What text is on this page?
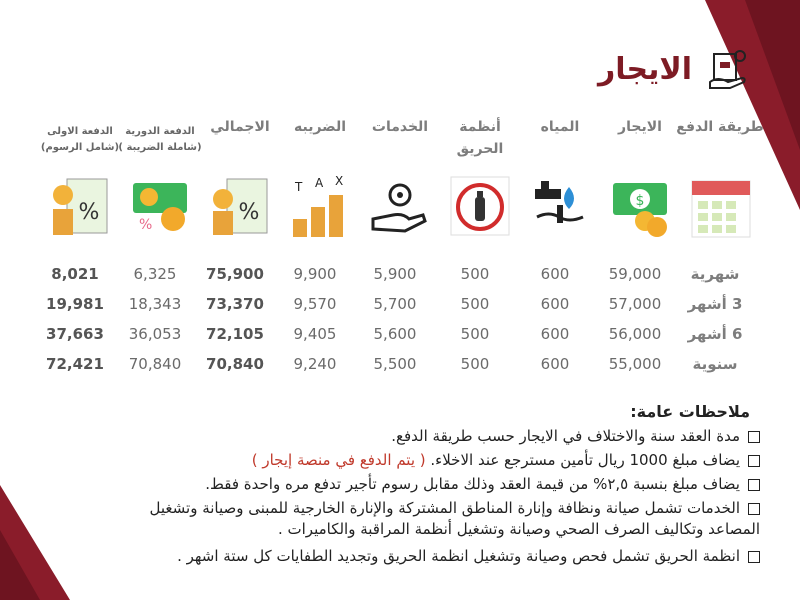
الايجار
طريقة الدفع
الايجار
المياه
أنظمة الحريق
الخدمات
الضريبه
الاجمالي
الدفعة الدورية (شاملة الضريبة )
الدفعة الاولى (شامل الرسوم)
$
T A X
%
%
%
شهرية
59,000
600
500
5,900
9,900
75,900
6,325
8,021
3 أشهر
57,000
600
500
5,700
9,570
73,370
18,343
19,981
6 أشهر
56,000
600
500
5,600
9,405
72,105
36,053
37,663
سنوية
55,000
600
500
5,500
9,240
70,840
70,840
72,421
ملاحظات عامة:
مدة العقد سنة والاختلاف في الايجار حسب طريقة الدفع.
يضاف مبلغ 1000 ريال تأمين مسترجع عند الاخلاء. ( يتم الدفع في منصة إيجار )
يضاف مبلغ بنسبة ٢,٥% من قيمة العقد وذلك مقابل رسوم تأجير تدفع مره واحدة فقط.
الخدمات تشمل صيانة ونظافة وإنارة المناطق المشتركة والإنارة الخارجية للمبنى وصيانة وتشغيل المصاعد وتكاليف الصرف الصحي وصيانة وتشغيل أنظمة المراقبة والكاميرات .
انظمة الحريق تشمل فحص وصيانة وتشغيل انظمة الحريق وتجديد الطفايات كل ستة اشهر .
